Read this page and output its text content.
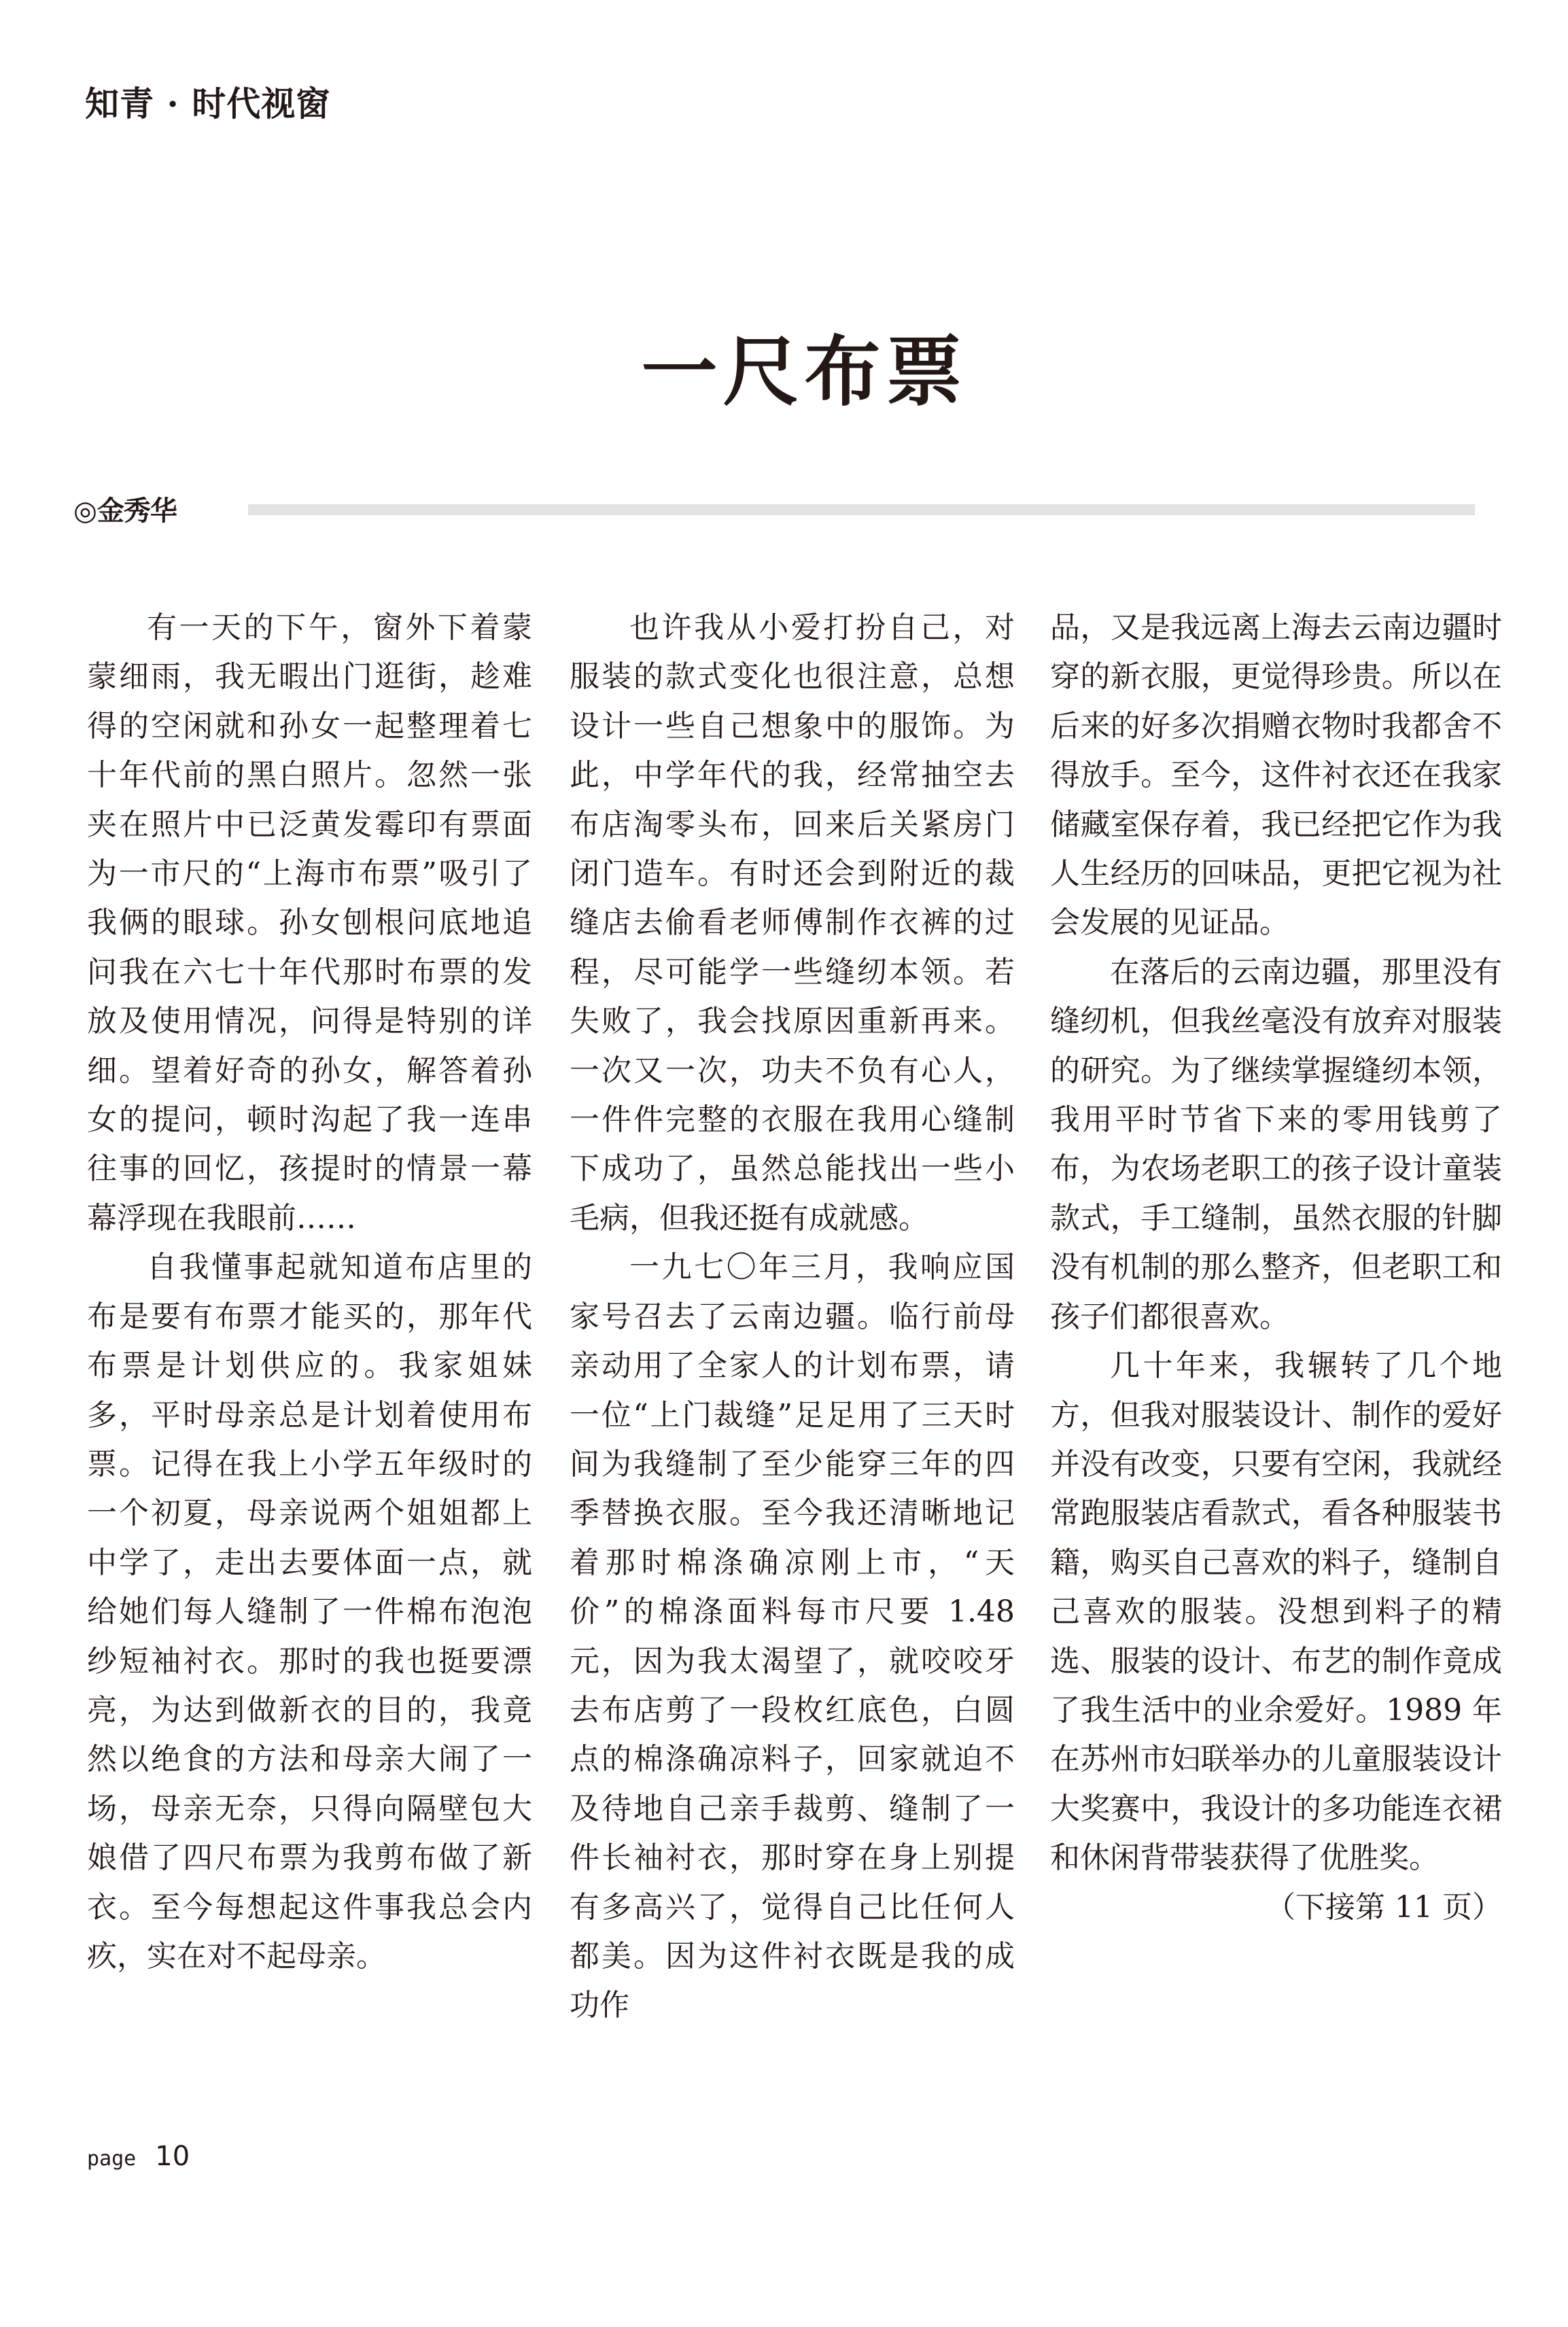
知青 · 时代视窗
一尺布票
◎ 金秀华

有一天的下午，窗外下着蒙蒙细雨，我无暇出门逛街，趁难得的空闲就和孙女一起整理着七十年代前的黑白照片。忽然一张夹在照片中已泛黄发霉印有票面为一市尺的“上海市布票”吸引了我俩的眼球。孙女刨根问底地追问我在六七十年代那时布票的发放及使用情况，问得是特别的详细。望着好奇的孙女，解答着孙女的提问，顿时沟起了我一连串往事的回忆，孩提时的情景一幕幕浮现在我眼前……

自我懂事起就知道布店里的布是要有布票才能买的，那年代布票是计划供应的。我家姐妹多，平时母亲总是计划着使用布票。记得在我上小学五年级时的一个初夏，母亲说两个姐姐都上中学了，走出去要体面一点，就给她们每人缝制了一件棉布泡泡纱短袖衬衣。那时的我也挺要漂亮，为达到做新衣的目的，我竟然以绝食的方法和母亲大闹了一场，母亲无奈，只得向隔壁包大娘借了四尺布票为我剪布做了新衣。至今每想起这件事我总会内疚，实在对不起母亲。

也许我从小爱打扮自己，对服装的款式变化也很注意，总想设计一些自己想象中的服饰。为此，中学年代的我，经常抽空去布店淘零头布，回来后关紧房门闭门造车。有时还会到附近的裁缝店去偷看老师傅制作衣裤的过程，尽可能学一些缝纫本领。若失败了，我会找原因重新再来。一次又一次，功夫不负有心人，一件件完整的衣服在我用心缝制下成功了，虽然总能找出一些小毛病，但我还挺有成就感。

一九七〇年三月，我响应国家号召去了云南边疆。临行前母亲动用了全家人的计划布票，请一位“上门裁缝”足足用了三天时间为我缝制了至少能穿三年的四季替换衣服。至今我还清晰地记着那时棉涤确凉刚上市，“天价”的棉涤面料每市尺要 1.48 元，因为我太渴望了，就咬咬牙去布店剪了一段枚红底色，白圆点的棉涤确凉料子，回家就迫不及待地自己亲手裁剪、缝制了一件长袖衬衣，那时穿在身上别提有多高兴了，觉得自己比任何人都美。因为这件衬衣既是我的成功作

品，又是我远离上海去云南边疆时穿的新衣服，更觉得珍贵。所以在后来的好多次捐赠衣物时我都舍不得放手。至今，这件衬衣还在我家储藏室保存着，我已经把它作为我人生经历的回味品，更把它视为社会发展的见证品。

在落后的云南边疆，那里没有缝纫机，但我丝毫没有放弃对服装的研究。为了继续掌握缝纫本领，我用平时节省下来的零用钱剪了布，为农场老职工的孩子设计童装款式，手工缝制，虽然衣服的针脚没有机制的那么整齐，但老职工和孩子们都很喜欢。

几十年来，我辗转了几个地方，但我对服装设计、制作的爱好并没有改变，只要有空闲，我就经常跑服装店看款式，看各种服装书籍，购买自己喜欢的料子，缝制自己喜欢的服装。没想到料子的精选、服装的设计、布艺的制作竟成了我生活中的业余爱好。1989 年在苏州市妇联举办的儿童服装设计大奖赛中，我设计的多功能连衣裙和休闲背带装获得了优胜奖。
（下接第 11 页）

page 10
